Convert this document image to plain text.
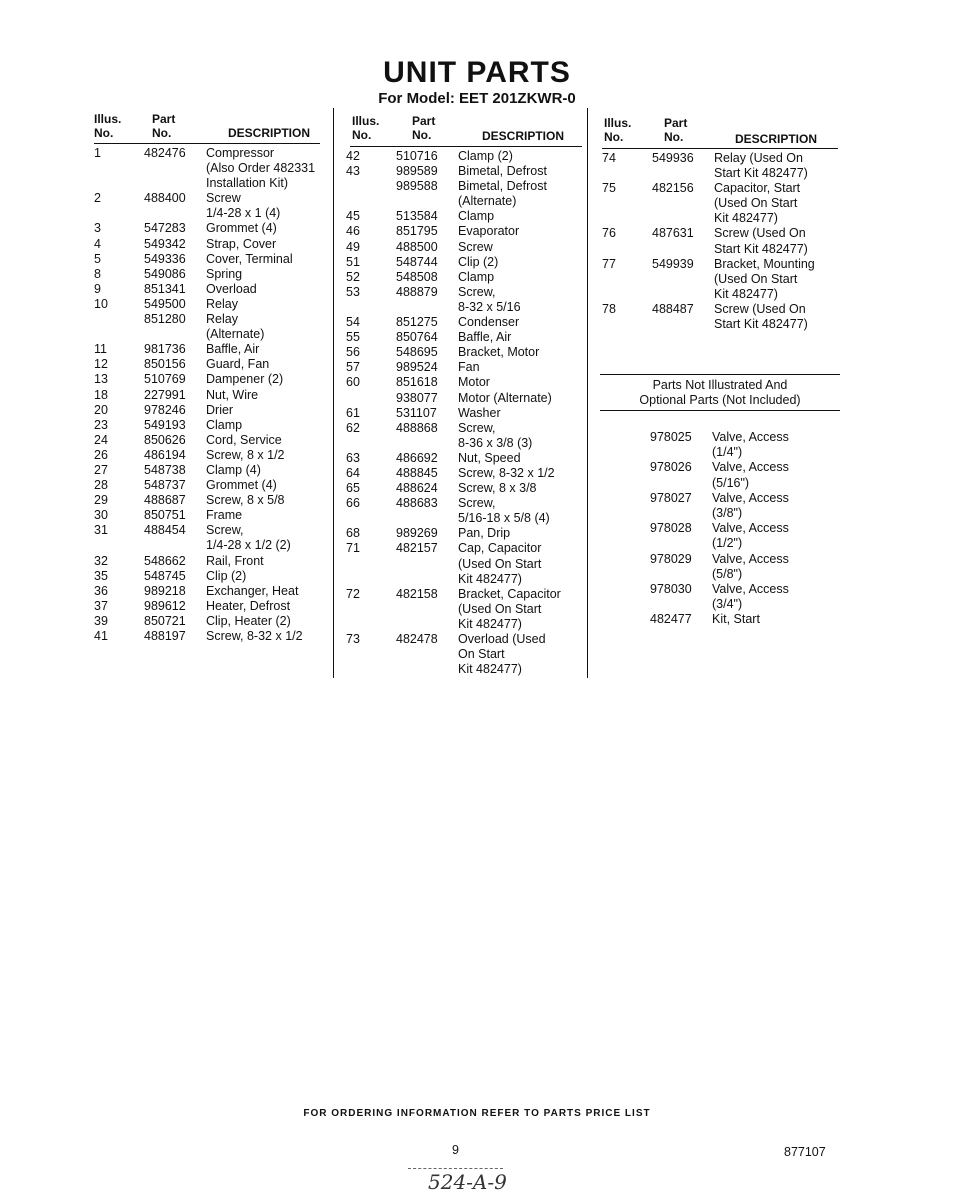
UNIT PARTS
For Model: EET 201ZKWR-0
Illus.
No.
Part
No.	DESCRIPTION
Illus.
No.
Part
No.	DESCRIPTION
Illus.
No.
Part
No.	DESCRIPTION
1	482476	Compressor
(Also Order 482331
Installation Kit)
2	488400	Screw
1/4-28 x 1 (4)
3	547283	Grommet (4)
4	549342	Strap, Cover
5	549336	Cover, Terminal
8	549086	Spring
9	851341	Overload
10	549500	Relay
851280	Relay
(Alternate)
11	981736	Baffle, Air
12	850156	Guard, Fan
13	510769	Dampener (2)
18	227991	Nut, Wire
20	978246	Drier
23	549193	Clamp
24	850626	Cord, Service
26	486194	Screw, 8 x 1/2
27	548738	Clamp (4)
28	548737	Grommet (4)
29	488687	Screw, 8 x 5/8
30	850751	Frame
31	488454	Screw,
1/4-28 x 1/2 (2)
32	548662	Rail, Front
35	548745	Clip (2)
36	989218	Exchanger, Heat
37	989612	Heater, Defrost
39	850721	Clip, Heater (2)
41	488197	Screw, 8-32 x 1/2
42	510716	Clamp (2)
43	989589	Bimetal, Defrost
989588	Bimetal, Defrost
(Alternate)
45	513584	Clamp
46	851795	Evaporator
49	488500	Screw
51	548744	Clip (2)
52	548508	Clamp
53	488879	Screw,
8-32 x 5/16
54	851275	Condenser
55	850764	Baffle, Air
56	548695	Bracket, Motor
57	989524	Fan
60	851618	Motor
938077	Motor (Alternate)
61	531107	Washer
62	488868	Screw,
8-36 x 3/8 (3)
63	486692	Nut, Speed
64	488845	Screw, 8-32 x 1/2
65	488624	Screw, 8 x 3/8
66	488683	Screw,
5/16-18 x 5/8 (4)
68	989269	Pan, Drip
71	482157	Cap, Capacitor
(Used On Start
Kit 482477)
72	482158	Bracket, Capacitor
(Used On Start
Kit 482477)
73	482478	Overload (Used
On Start
Kit 482477)
74	549936	Relay (Used On
Start Kit 482477)
75	482156	Capacitor, Start
(Used On Start
Kit 482477)
76	487631	Screw (Used On
Start Kit 482477)
77	549939	Bracket, Mounting
(Used On Start
Kit 482477)
78	488487	Screw (Used On
Start Kit 482477)
Parts Not Illustrated And
Optional Parts (Not Included)
978025	Valve, Access
(1/4")
978026	Valve, Access
(5/16")
978027	Valve, Access
(3/8")
978028	Valve, Access
(1/2")
978029	Valve, Access
(5/8")
978030	Valve, Access
(3/4")
482477	Kit, Start
FOR ORDERING INFORMATION REFER TO PARTS PRICE LIST
9	877107
524-A-9
